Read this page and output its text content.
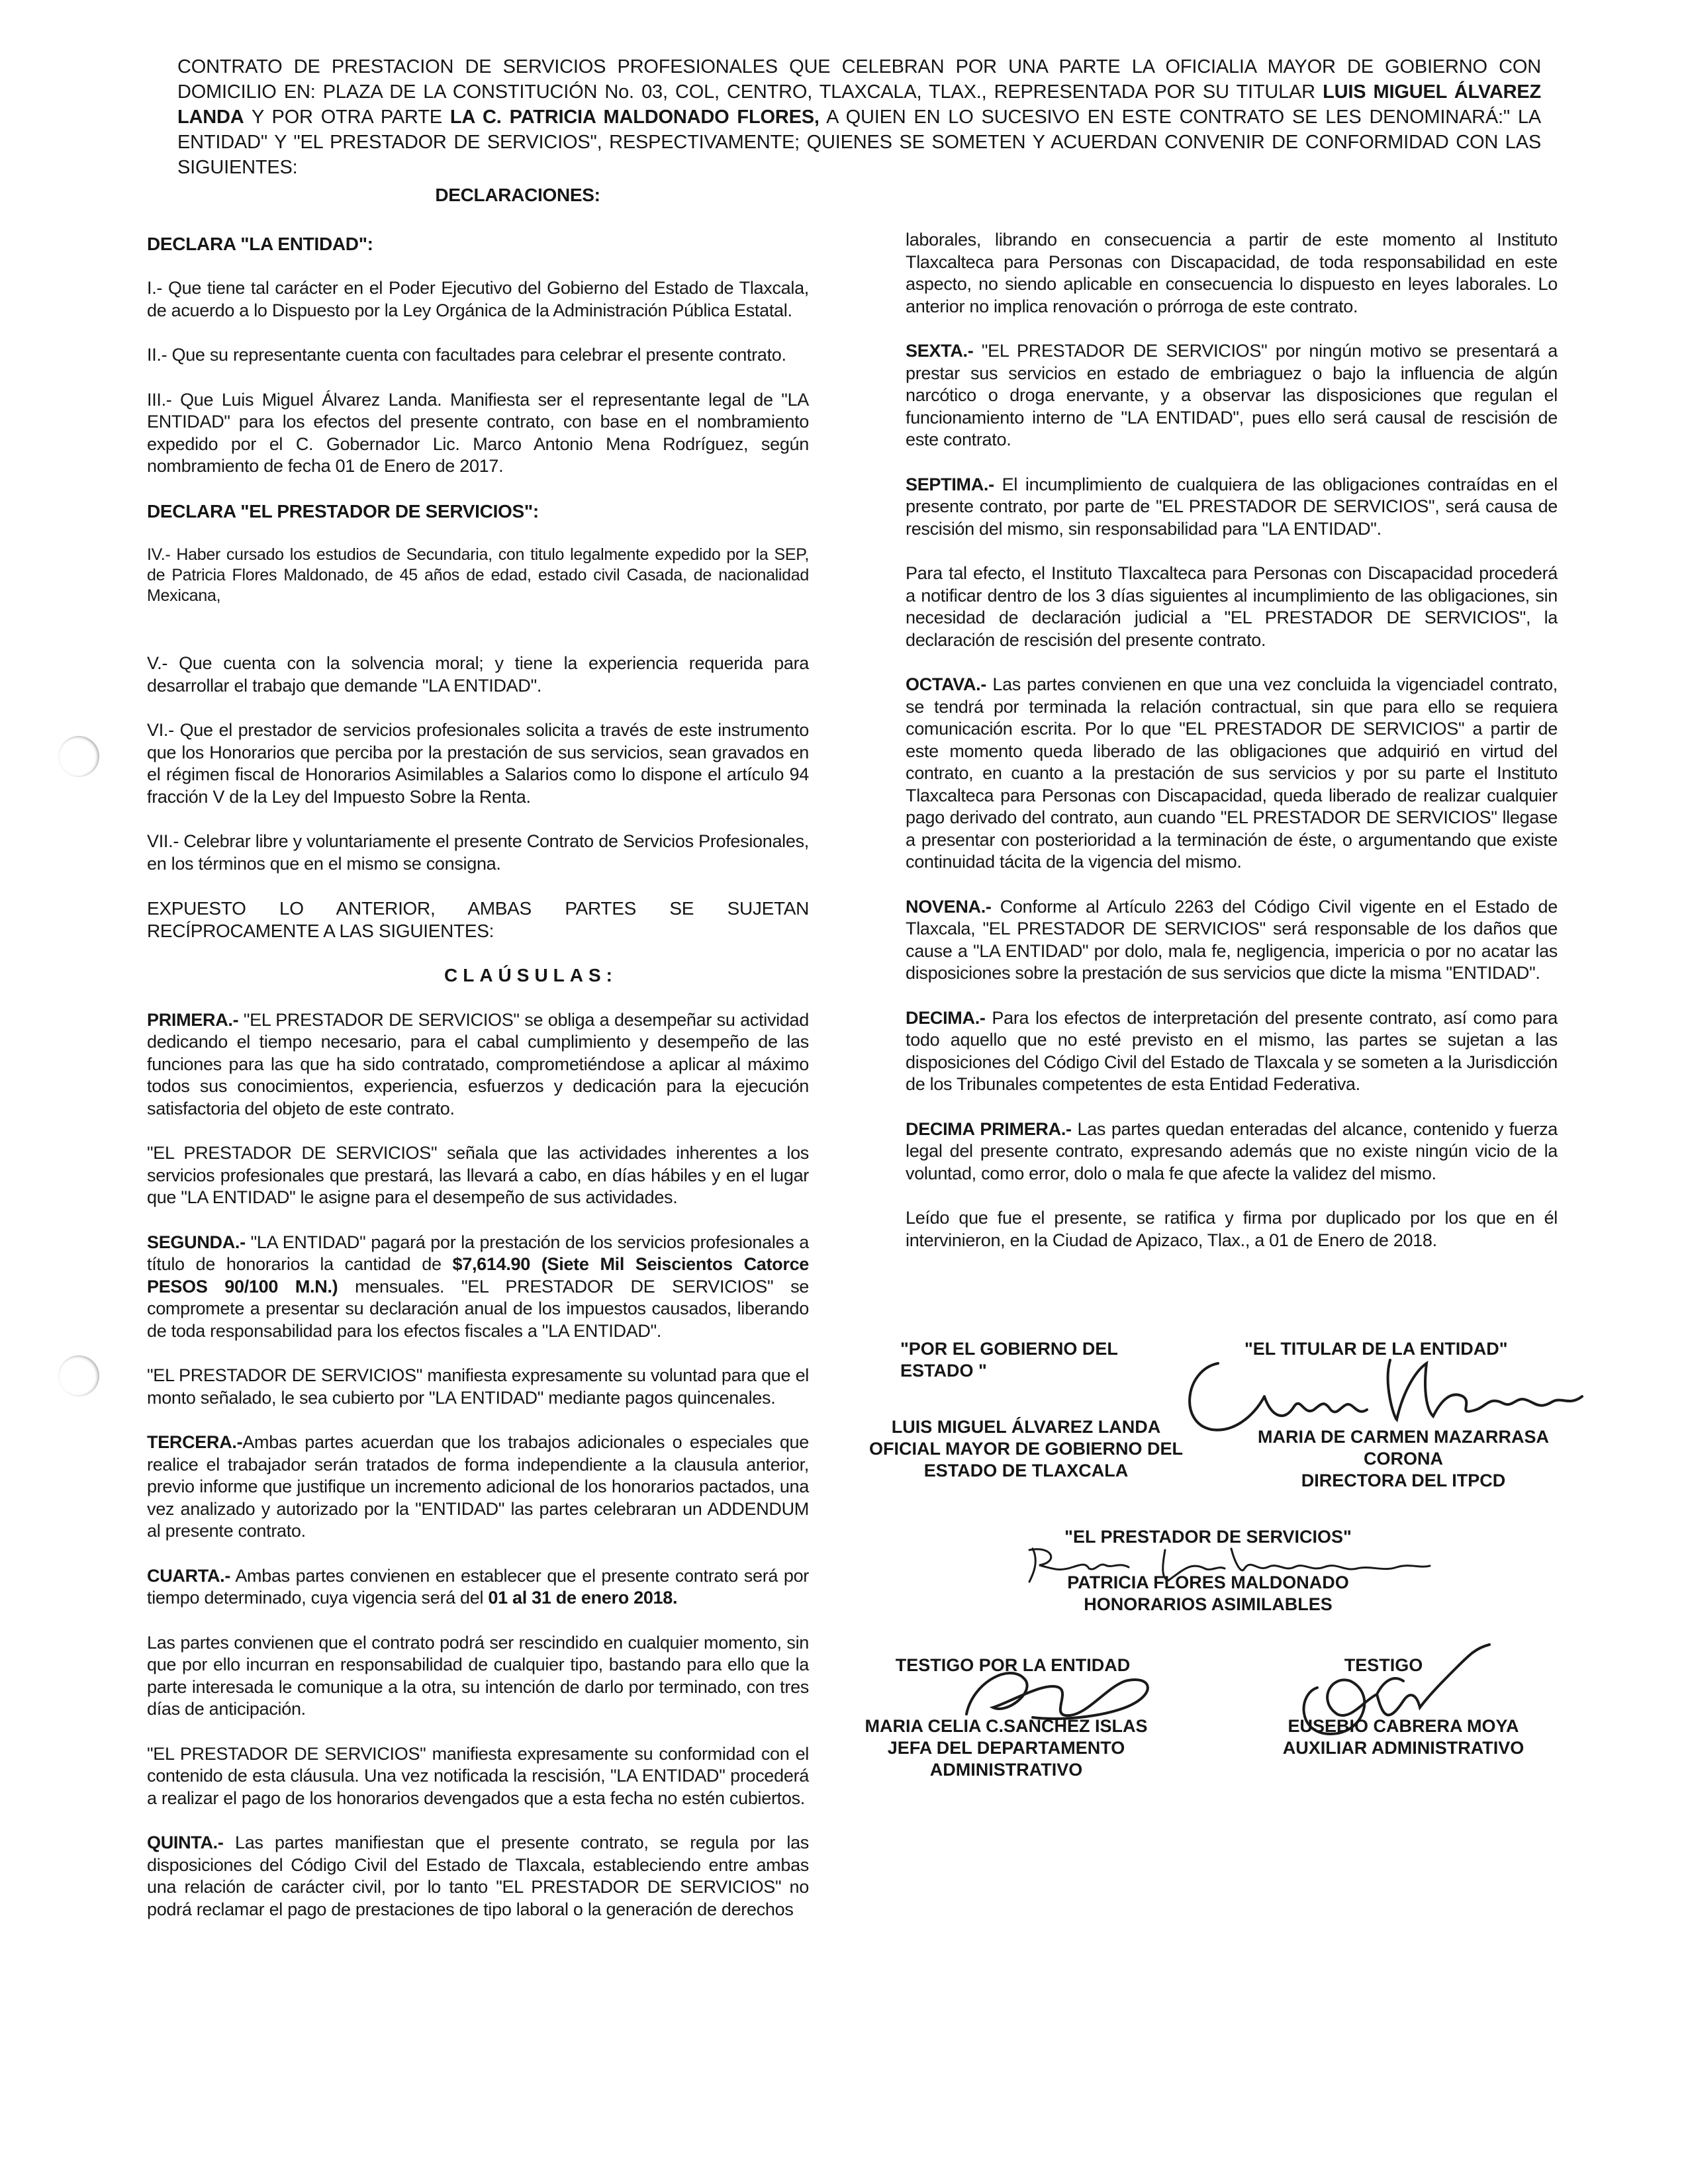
CONTRATO DE PRESTACION DE SERVICIOS PROFESIONALES QUE CELEBRAN POR UNA PARTE LA OFICIALIA MAYOR DE GOBIERNO CON DOMICILIO EN: PLAZA DE LA CONSTITUCIÓN No. 03, COL, CENTRO, TLAXCALA, TLAX., REPRESENTADA POR SU TITULAR LUIS MIGUEL ÁLVAREZ LANDA Y POR OTRA PARTE LA C. PATRICIA MALDONADO FLORES, A QUIEN EN LO SUCESIVO EN ESTE CONTRATO SE LES DENOMINARÁ:" LA ENTIDAD" Y "EL PRESTADOR DE SERVICIOS", RESPECTIVAMENTE; QUIENES SE SOMETEN Y ACUERDAN CONVENIR DE CONFORMIDAD CON LAS SIGUIENTES:
DECLARACIONES:
DECLARA "LA ENTIDAD":

I.- Que tiene tal carácter en el Poder Ejecutivo del Gobierno del Estado de Tlaxcala, de acuerdo a lo Dispuesto por la Ley Orgánica de la Administración Pública Estatal.

II.- Que su representante cuenta con facultades para celebrar el presente contrato.

III.- Que Luis Miguel Álvarez Landa. Manifiesta ser el representante legal de "LA ENTIDAD" para los efectos del presente contrato, con base en el nombramiento expedido por el C. Gobernador Lic. Marco Antonio Mena Rodríguez, según nombramiento de fecha 01 de Enero de 2017.

DECLARA "EL PRESTADOR DE SERVICIOS":

IV.- Haber cursado los estudios de Secundaria, con titulo legalmente expedido por la SEP, de Patricia Flores Maldonado, de 45 años de edad, estado civil Casada, de nacionalidad Mexicana,

V.- Que cuenta con la solvencia moral; y tiene la experiencia requerida para desarrollar el trabajo que demande "LA ENTIDAD".

VI.- Que el prestador de servicios profesionales solicita a través de este instrumento que los Honorarios que perciba por la prestación de sus servicios, sean gravados en el régimen fiscal de Honorarios Asimilables a Salarios como lo dispone el artículo 94 fracción V de la Ley del Impuesto Sobre la Renta.

VII.- Celebrar libre y voluntariamente el presente Contrato de Servicios Profesionales, en los términos que en el mismo se consigna.

EXPUESTO LO ANTERIOR, AMBAS PARTES SE SUJETAN RECÍPROCAMENTE A LAS SIGUIENTES:

CLAÚSULAS:

PRIMERA.- "EL PRESTADOR DE SERVICIOS" se obliga a desempeñar su actividad dedicando el tiempo necesario, para el cabal cumplimiento y desempeño de las funciones para las que ha sido contratado, comprometiéndose a aplicar al máximo todos sus conocimientos, experiencia, esfuerzos y dedicación para la ejecución satisfactoria del objeto de este contrato.

"EL PRESTADOR DE SERVICIOS" señala que las actividades inherentes a los servicios profesionales que prestará, las llevará a cabo, en días hábiles y en el lugar que "LA ENTIDAD" le asigne para el desempeño de sus actividades.

SEGUNDA.- "LA ENTIDAD" pagará por la prestación de los servicios profesionales a título de honorarios la cantidad de $7,614.90 (Siete Mil Seiscientos Catorce PESOS 90/100 M.N.) mensuales. "EL PRESTADOR DE SERVICIOS" se compromete a presentar su declaración anual de los impuestos causados, liberando de toda responsabilidad para los efectos fiscales a "LA ENTIDAD".

"EL PRESTADOR DE SERVICIOS" manifiesta expresamente su voluntad para que el monto señalado, le sea cubierto por "LA ENTIDAD" mediante pagos quincenales.

TERCERA.-Ambas partes acuerdan que los trabajos adicionales o especiales que realice el trabajador serán tratados de forma independiente a la clausula anterior, previo informe que justifique un incremento adicional de los honorarios pactados, una vez analizado y autorizado por la "ENTIDAD" las partes celebraran un ADDENDUM al presente contrato.

CUARTA.- Ambas partes convienen en establecer que el presente contrato será por tiempo determinado, cuya vigencia será del 01 al 31 de enero 2018.

Las partes convienen que el contrato podrá ser rescindido en cualquier momento, sin que por ello incurran en responsabilidad de cualquier tipo, bastando para ello que la parte interesada le comunique a la otra, su intención de darlo por terminado, con tres días de anticipación.

"EL PRESTADOR DE SERVICIOS" manifiesta expresamente su conformidad con el contenido de esta cláusula. Una vez notificada la rescisión, "LA ENTIDAD" procederá a realizar el pago de los honorarios devengados que a esta fecha no estén cubiertos.

QUINTA.- Las partes manifiestan que el presente contrato, se regula por las disposiciones del Código Civil del Estado de Tlaxcala, estableciendo entre ambas una relación de carácter civil, por lo tanto "EL PRESTADOR DE SERVICIOS" no podrá reclamar el pago de prestaciones de tipo laboral o la generación de derechos

laborales, librando en consecuencia a partir de este momento al Instituto Tlaxcalteca para Personas con Discapacidad, de toda responsabilidad en este aspecto, no siendo aplicable en consecuencia lo dispuesto en leyes laborales. Lo anterior no implica renovación o prórroga de este contrato.

SEXTA.- "EL PRESTADOR DE SERVICIOS" por ningún motivo se presentará a prestar sus servicios en estado de embriaguez o bajo la influencia de algún narcótico o droga enervante, y a observar las disposiciones que regulan el funcionamiento interno de "LA ENTIDAD", pues ello será causal de rescisión de este contrato.

SEPTIMA.- El incumplimiento de cualquiera de las obligaciones contraídas en el presente contrato, por parte de "EL PRESTADOR DE SERVICIOS", será causa de rescisión del mismo, sin responsabilidad para "LA ENTIDAD".

Para tal efecto, el Instituto Tlaxcalteca para Personas con Discapacidad procederá a notificar dentro de los 3 días siguientes al incumplimiento de las obligaciones, sin necesidad de declaración judicial a "EL PRESTADOR DE SERVICIOS", la declaración de rescisión del presente contrato.

OCTAVA.- Las partes convienen en que una vez concluida la vigenciadel contrato, se tendrá por terminada la relación contractual, sin que para ello se requiera comunicación escrita. Por lo que "EL PRESTADOR DE SERVICIOS" a partir de este momento queda liberado de las obligaciones que adquirió en virtud del contrato, en cuanto a la prestación de sus servicios y por su parte el Instituto Tlaxcalteca para Personas con Discapacidad, queda liberado de realizar cualquier pago derivado del contrato, aun cuando "EL PRESTADOR DE SERVICIOS" llegase a presentar con posterioridad a la terminación de éste, o argumentando que existe continuidad tácita de la vigencia del mismo.

NOVENA.- Conforme al Artículo 2263 del Código Civil vigente en el Estado de Tlaxcala, "EL PRESTADOR DE SERVICIOS" será responsable de los daños que cause a "LA ENTIDAD" por dolo, mala fe, negligencia, impericia o por no acatar las disposiciones sobre la prestación de sus servicios que dicte la misma "ENTIDAD".

DECIMA.- Para los efectos de interpretación del presente contrato, así como para todo aquello que no esté previsto en el mismo, las partes se sujetan a las disposiciones del Código Civil del Estado de Tlaxcala y se someten a la Jurisdicción de los Tribunales competentes de esta Entidad Federativa.

DECIMA PRIMERA.- Las partes quedan enteradas del alcance, contenido y fuerza legal del presente contrato, expresando además que no existe ningún vicio de la voluntad, como error, dolo o mala fe que afecte la validez del mismo.

Leído que fue el presente, se ratifica y firma por duplicado por los que en él intervinieron, en la Ciudad de Apizaco, Tlax., a 01 de Enero de 2018.

"POR EL GOBIERNO DEL ESTADO "
"EL TITULAR DE LA ENTIDAD"
LUIS MIGUEL ÁLVAREZ LANDA
OFICIAL MAYOR DE GOBIERNO DEL
ESTADO DE TLAXCALA
MARIA DE CARMEN MAZARRASA
CORONA
DIRECTORA DEL ITPCD
"EL PRESTADOR DE SERVICIOS"
PATRICIA FLORES MALDONADO
HONORARIOS ASIMILABLES
TESTIGO POR LA ENTIDAD	TESTIGO
MARIA CELIA C.SANCHEZ ISLAS
JEFA DEL DEPARTAMENTO
ADMINISTRATIVO
EUSEBIO CABRERA MOYA
AUXILIAR ADMINISTRATIVO
